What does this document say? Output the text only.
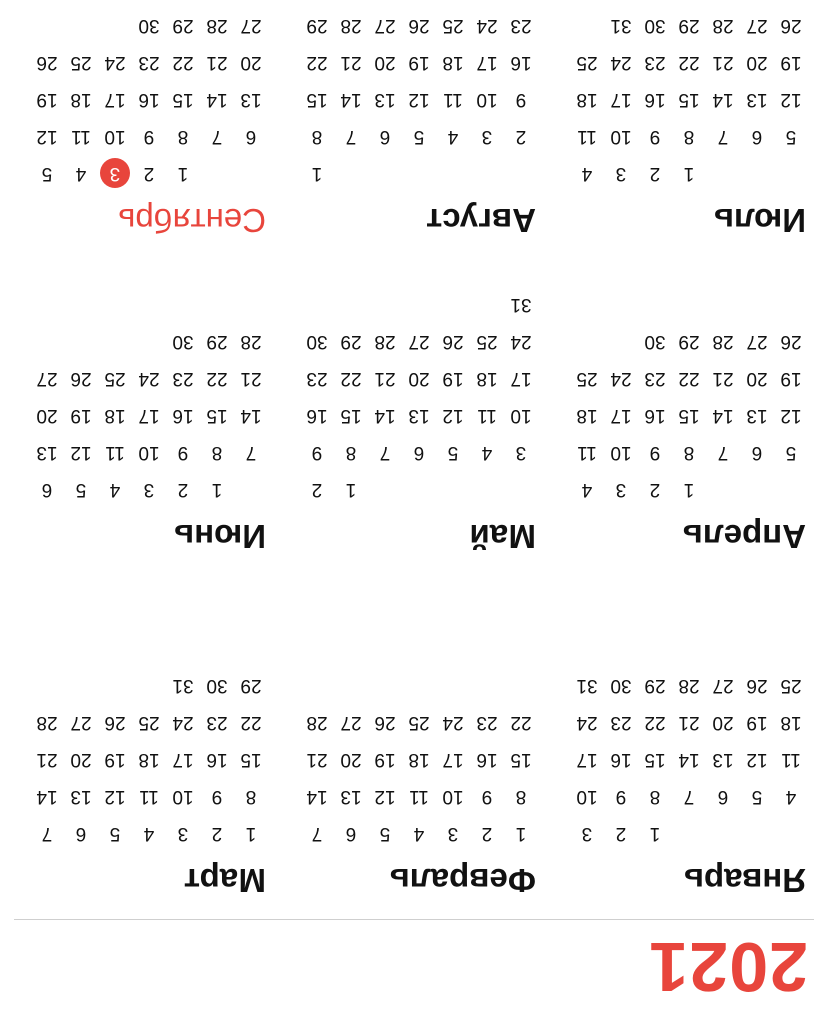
2021
Январь
1
2
3
4
5
6
7
8
9
10
11
12
13
14
15
16
17
18
19
20
21
22
23
24
25
26
27
28
29
30
31
Февраль
1
2
3
4
5
6
7
8
9
10
11
12
13
14
15
16
17
18
19
20
21
22
23
24
25
26
27
28
Март
1
2
3
4
5
6
7
8
9
10
11
12
13
14
15
16
17
18
19
20
21
22
23
24
25
26
27
28
29
30
31
Апрель
1
2
3
4
5
6
7
8
9
10
11
12
13
14
15
16
17
18
19
20
21
22
23
24
25
26
27
28
29
30
Май
1
2
3
4
5
6
7
8
9
10
11
12
13
14
15
16
17
18
19
20
21
22
23
24
25
26
27
28
29
30
31
Июнь
1
2
3
4
5
6
7
8
9
10
11
12
13
14
15
16
17
18
19
20
21
22
23
24
25
26
27
28
29
30
Июль
1
2
3
4
5
6
7
8
9
10
11
12
13
14
15
16
17
18
19
20
21
22
23
24
25
26
27
28
29
30
31
Август
1
2
3
4
5
6
7
8
9
10
11
12
13
14
15
16
17
18
19
20
21
22
23
24
25
26
27
28
29
Сентябрь
1
2
3
4
5
6
7
8
9
10
11
12
13
14
15
16
17
18
19
20
21
22
23
24
25
26
27
28
29
30
